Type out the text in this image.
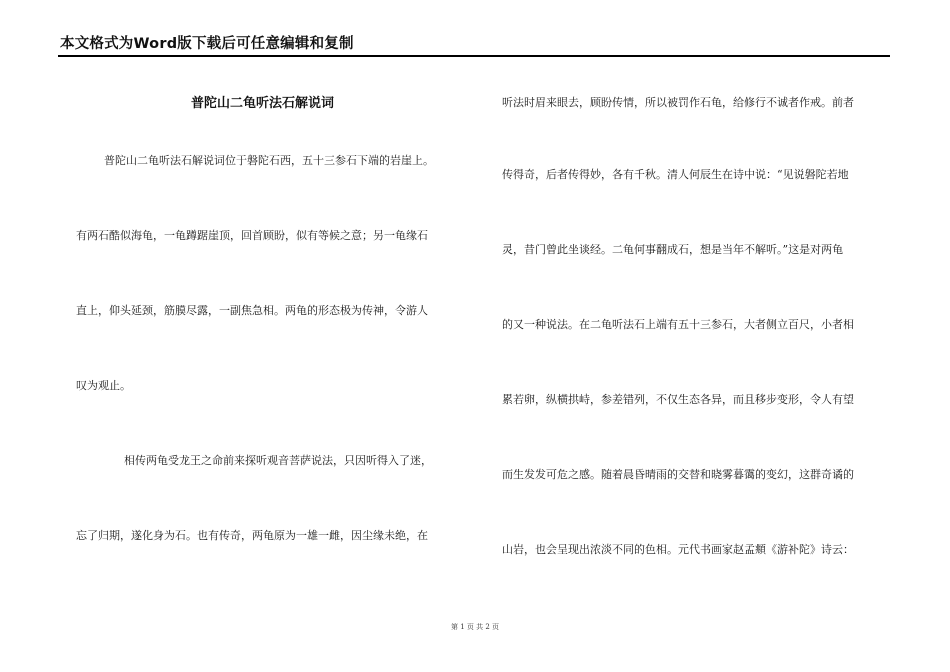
本文格式为Word版下载后可任意编辑和复制
普陀山二龟听法石解说词
普陀山二龟听法石解说词位于磐陀石西，五十三参石下端的岩崖上。
有两石酷似海龟，一龟蹲踞崖顶，回首顾盼，似有等候之意；另一龟缘石
直上，仰头延颈，筋膜尽露，一副焦急相。两龟的形态极为传神，令游人
叹为观止。
相传两龟受龙王之命前来探听观音菩萨说法，只因听得入了迷，
忘了归期，遂化身为石。也有传奇，两龟原为一雄一雌，因尘缘未绝，在
听法时眉来眼去，顾盼传情，所以被罚作石龟，给修行不诚者作戒。前者
传得奇，后者传得妙，各有千秋。清人何辰生在诗中说：“见说磐陀若地
灵，昔门曾此坐谈经。二龟何事翻成石，想是当年不解听。”这是对两龟
的又一种说法。在二龟听法石上端有五十三参石，大者侧立百尺，小者相
累若卵，纵横拱峙，参差错列，不仅生态各异，而且移步变形，令人有望
而生发发可危之感。随着晨昏晴雨的交替和晓雾暮霭的变幻，这群奇谲的
山岩，也会呈现出浓淡不同的色相。元代书画家赵孟頫《游补陀》诗云：
第 1 页 共 2 页
